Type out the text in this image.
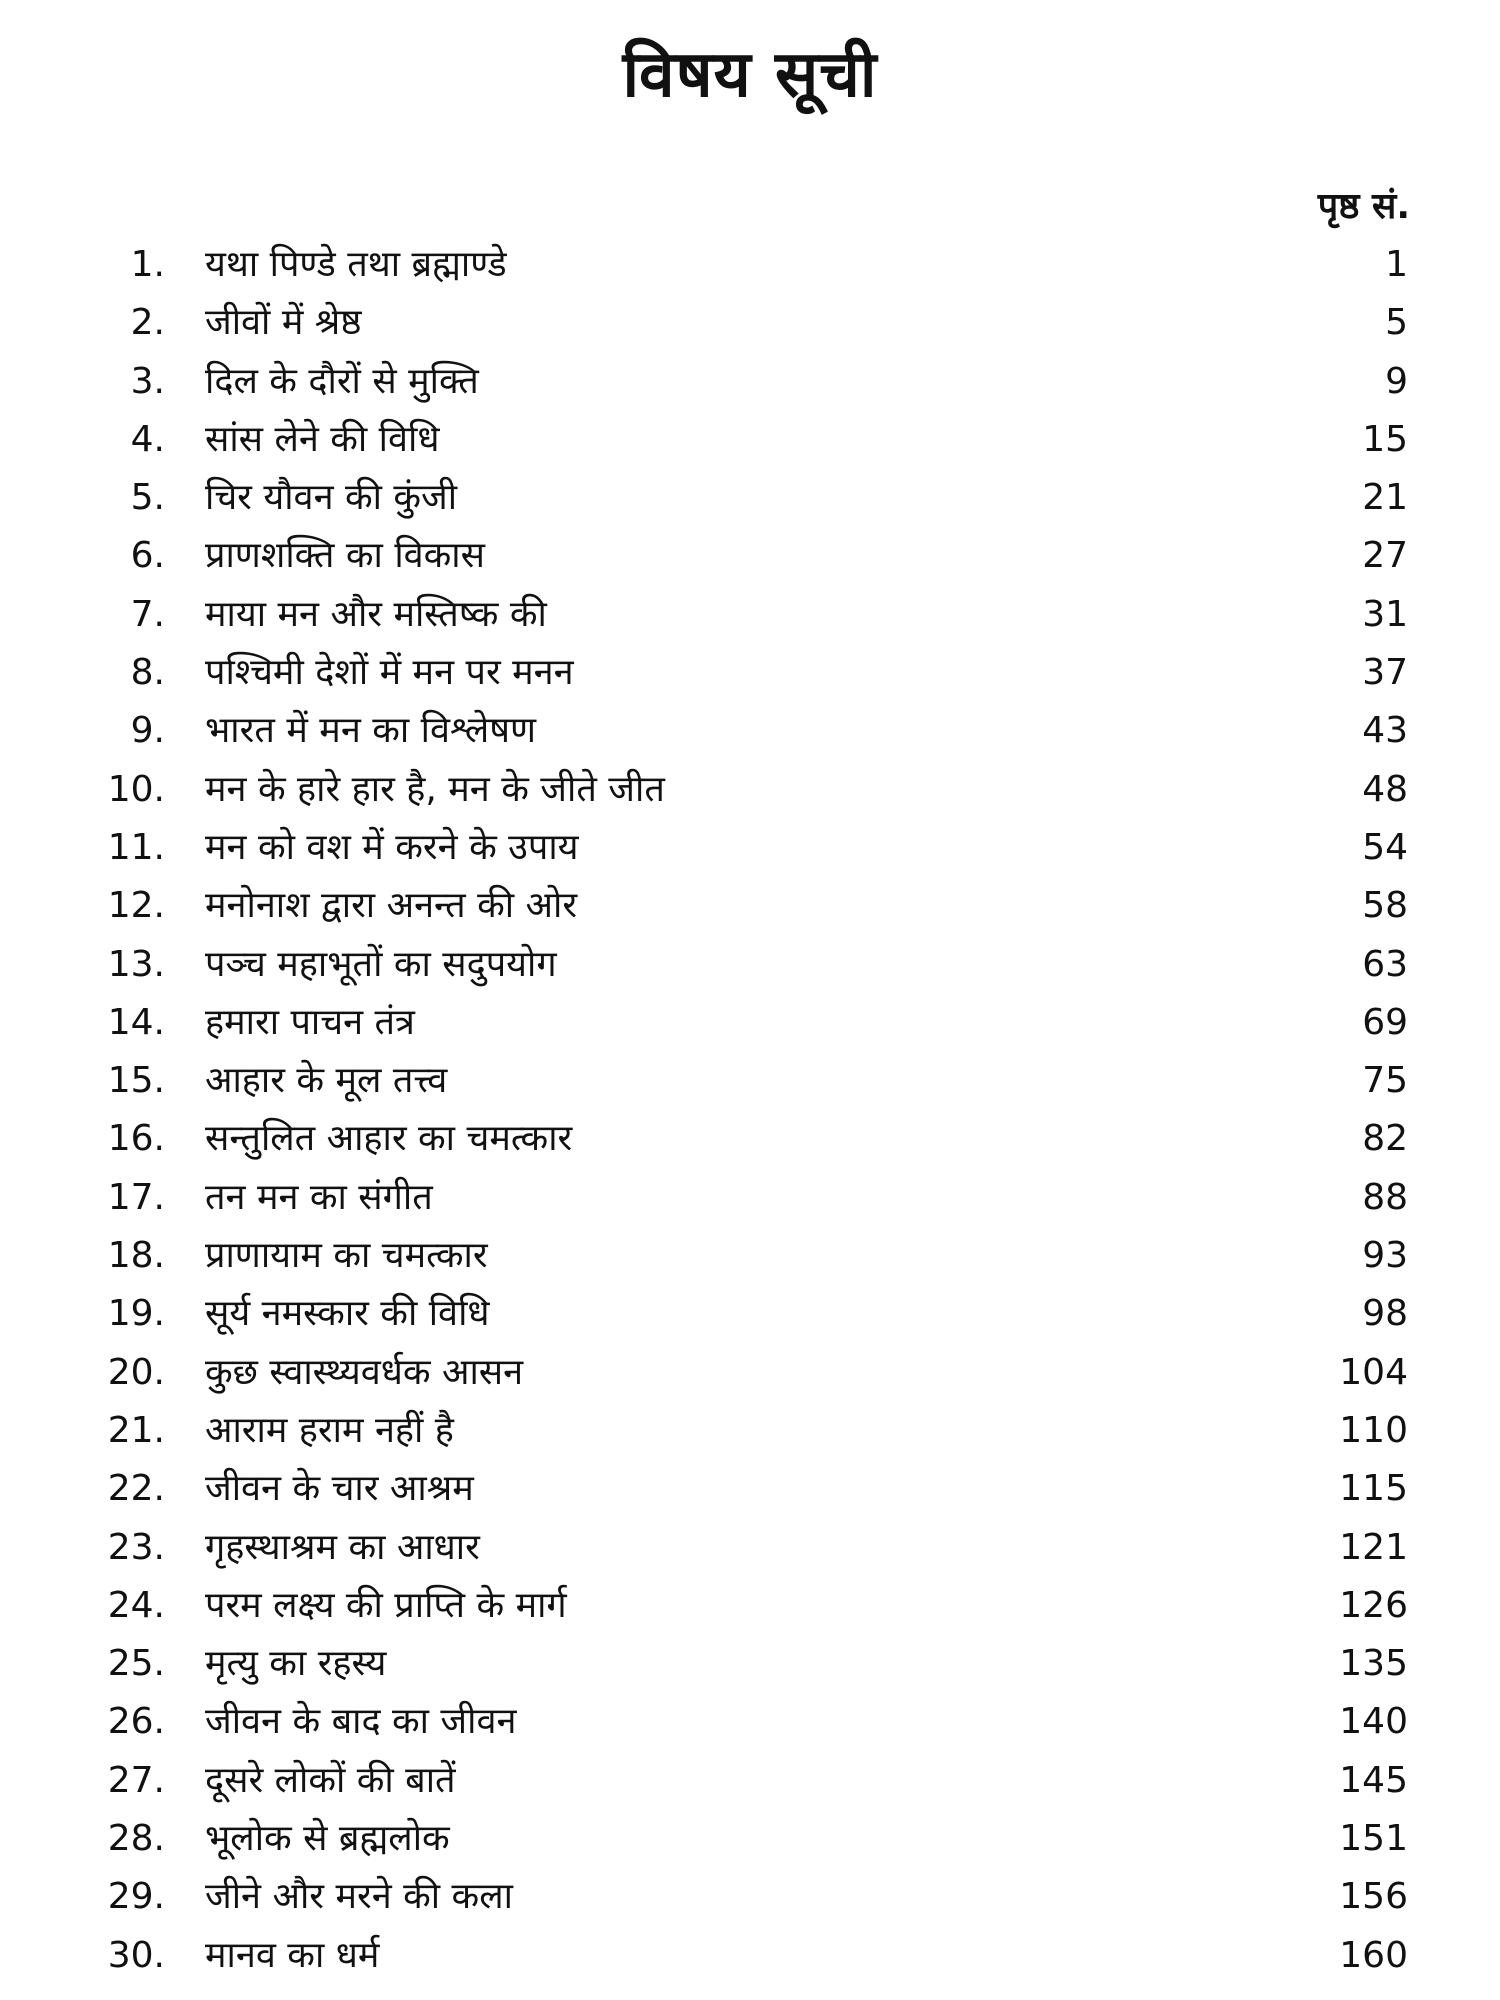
विषय सूची
पृष्ठ सं.
1. यथा पिण्डे तथा ब्रह्माण्डे	1
2. जीवों में श्रेष्ठ	5
3. दिल के दौरों से मुक्ति	9
4. सांस लेने की विधि	15
5. चिर यौवन की कुंजी	21
6. प्राणशक्ति का विकास	27
7. माया मन और मस्तिष्क की	31
8. पश्चिमी देशों में मन पर मनन	37
9. भारत में मन का विश्लेषण	43
10. मन के हारे हार है, मन के जीते जीत	48
11. मन को वश में करने के उपाय	54
12. मनोनाश द्वारा अनन्त की ओर	58
13. पञ्च महाभूतों का सदुपयोग	63
14. हमारा पाचन तंत्र	69
15. आहार के मूल तत्त्व	75
16. सन्तुलित आहार का चमत्कार	82
17. तन मन का संगीत	88
18. प्राणायाम का चमत्कार	93
19. सूर्य नमस्कार की विधि	98
20. कुछ स्वास्थ्यवर्धक आसन	104
21. आराम हराम नहीं है	110
22. जीवन के चार आश्रम	115
23. गृहस्थाश्रम का आधार	121
24. परम लक्ष्य की प्राप्ति के मार्ग	126
25. मृत्यु का रहस्य	135
26. जीवन के बाद का जीवन	140
27. दूसरे लोकों की बातें	145
28. भूलोक से ब्रह्मलोक	151
29. जीने और मरने की कला	156
30. मानव का धर्म	160
